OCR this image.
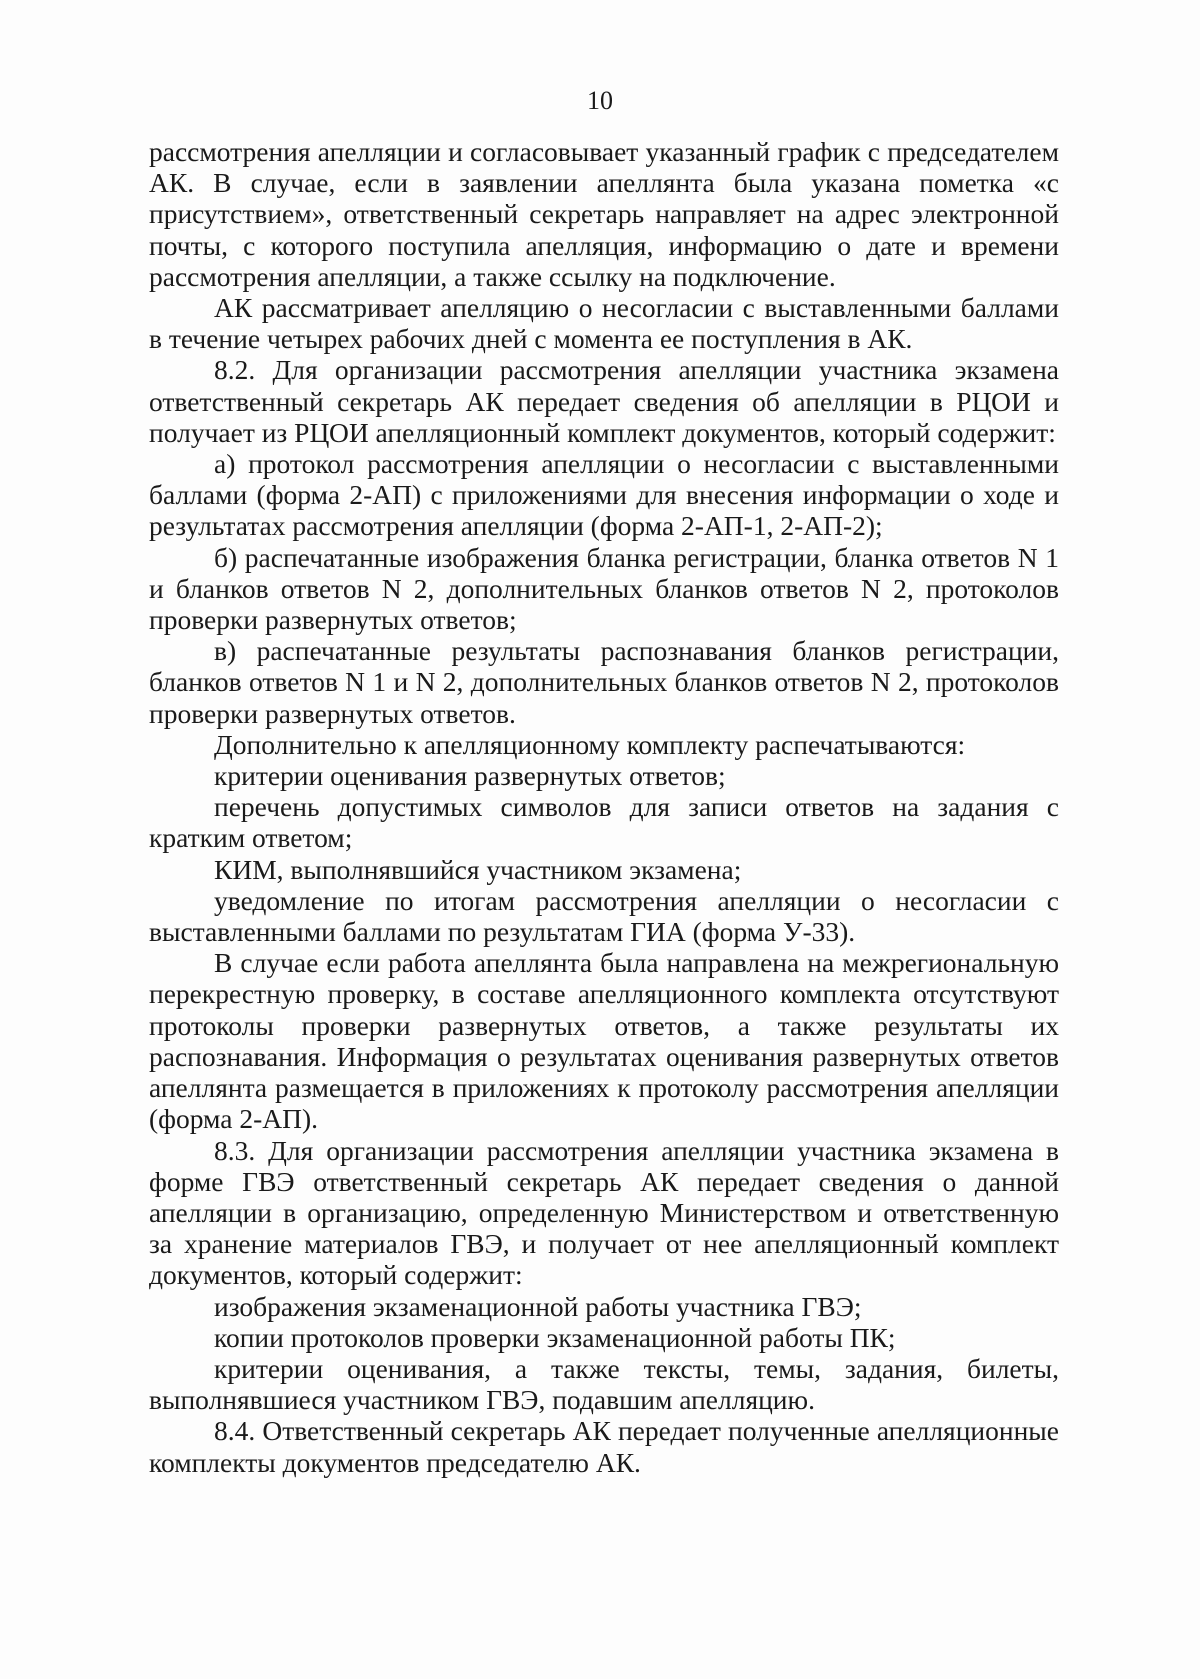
10

рассмотрения апелляции и согласовывает указанный график с председателем АК. В случае, если в заявлении апеллянта была указана пометка «с присутствием», ответственный секретарь направляет на адрес электронной почты, с которого поступила апелляция, информацию о дате и времени рассмотрения апелляции, а также ссылку на подключение.

АК рассматривает апелляцию о несогласии с выставленными баллами в течение четырех рабочих дней с момента ее поступления в АК.

8.2. Для организации рассмотрения апелляции участника экзамена ответственный секретарь АК передает сведения об апелляции в РЦОИ и получает из РЦОИ апелляционный комплект документов, который содержит:

а) протокол рассмотрения апелляции о несогласии с выставленными баллами (форма 2-АП) с приложениями для внесения информации о ходе и результатах рассмотрения апелляции (форма 2-АП-1, 2-АП-2);

б) распечатанные изображения бланка регистрации, бланка ответов N 1 и бланков ответов N 2, дополнительных бланков ответов N 2, протоколов проверки развернутых ответов;

в) распечатанные результаты распознавания бланков регистрации, бланков ответов N 1 и N 2, дополнительных бланков ответов N 2, протоколов проверки развернутых ответов.

Дополнительно к апелляционному комплекту распечатываются:

критерии оценивания развернутых ответов;

перечень допустимых символов для записи ответов на задания с кратким ответом;

КИМ, выполнявшийся участником экзамена;

уведомление по итогам рассмотрения апелляции о несогласии с выставленными баллами по результатам ГИА (форма У-33).

В случае если работа апеллянта была направлена на межрегиональную перекрестную проверку, в составе апелляционного комплекта отсутствуют протоколы проверки развернутых ответов, а также результаты их распознавания. Информация о результатах оценивания развернутых ответов апеллянта размещается в приложениях к протоколу рассмотрения апелляции (форма 2-АП).

8.3. Для организации рассмотрения апелляции участника экзамена в форме ГВЭ ответственный секретарь АК передает сведения о данной апелляции в организацию, определенную Министерством и ответственную за хранение материалов ГВЭ, и получает от нее апелляционный комплект документов, который содержит:

изображения экзаменационной работы участника ГВЭ;

копии протоколов проверки экзаменационной работы ПК;

критерии оценивания, а также тексты, темы, задания, билеты, выполнявшиеся участником ГВЭ, подавшим апелляцию.

8.4. Ответственный секретарь АК передает полученные апелляционные комплекты документов председателю АК.
